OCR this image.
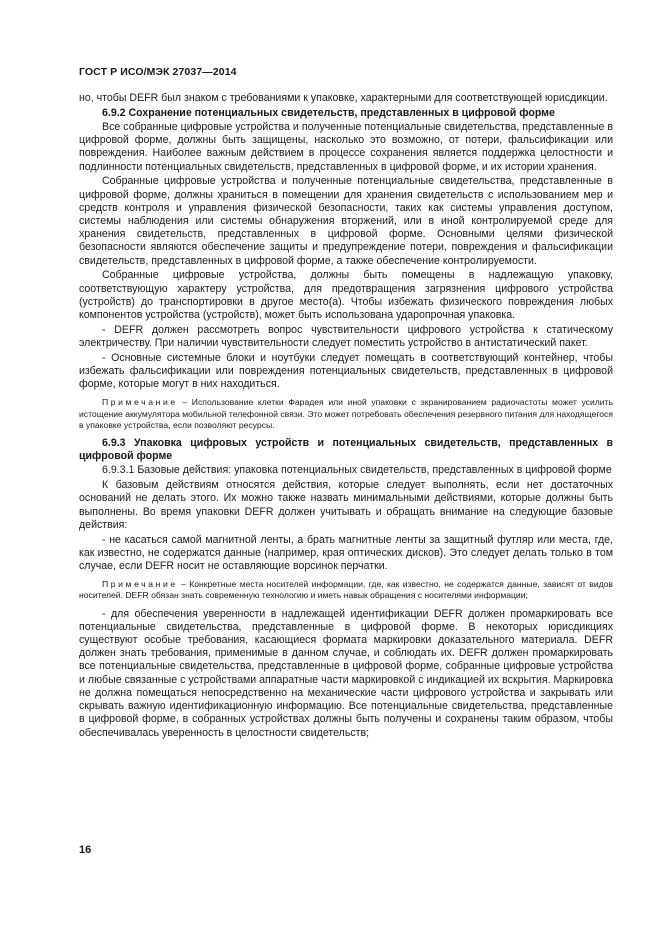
ГОСТ Р ИСО/МЭК 27037—2014

но, чтобы DEFR был знаком с требованиями к упаковке, характерными для соответствующей юрисдикции.

6.9.2 Сохранение потенциальных свидетельств, представленных в цифровой форме

Все собранные цифровые устройства и полученные потенциальные свидетельства, представленные в цифровой форме, должны быть защищены, насколько это возможно, от потери, фальсификации или повреждения. Наиболее важным действием в процессе сохранения является поддержка целостности и подлинности потенциальных свидетельств, представленных в цифровой форме, и их истории хранения.

Собранные цифровые устройства и полученные потенциальные свидетельства, представленные в цифровой форме, должны храниться в помещении для хранения свидетельств с использованием мер и средств контроля и управления физической безопасности, таких как системы управления доступом, системы наблюдения или системы обнаружения вторжений, или в иной контролируемой среде для хранения свидетельств, представленных в цифровой форме. Основными целями физической безопасности являются обеспечение защиты и предупреждение потери, повреждения и фальсификации свидетельств, представленных в цифровой форме, а также обеспечение контролируемости.

Собранные цифровые устройства, должны быть помещены в надлежащую упаковку, соответствующую характеру устройства, для предотвращения загрязнения цифрового устройства (устройств) до транспортировки в другое место(а). Чтобы избежать физического повреждения любых компонентов устройства (устройств), может быть использована ударопрочная упаковка.

- DEFR должен рассмотреть вопрос чувствительности цифрового устройства к статическому электричеству. При наличии чувствительности следует поместить устройство в антистатический пакет.

- Основные системные блоки и ноутбуки следует помещать в соответствующий контейнер, чтобы избежать фальсификации или повреждения потенциальных свидетельств, представленных в цифровой форме, которые могут в них находиться.

Примечание – Использование клетки Фарадея или иной упаковки с экранированием радиочастоты может усилить истощение аккумулятора мобильной телефонной связи. Это может потребовать обеспечения резервного питания для находящегося в упаковке устройства, если позволяют ресурсы.

6.9.3 Упаковка цифровых устройств и потенциальных свидетельств, представленных в цифровой форме

6.9.3.1 Базовые действия: упаковка потенциальных свидетельств, представленных в цифровой форме

К базовым действиям относятся действия, которые следует выполнять, если нет достаточных оснований не делать этого. Их можно также назвать минимальными действиями, которые должны быть выполнены. Во время упаковки DEFR должен учитывать и обращать внимание на следующие базовые действия:

- не касаться самой магнитной ленты, а брать магнитные ленты за защитный футляр или места, где, как известно, не содержатся данные (например, края оптических дисков). Это следует делать только в том случае, если DEFR носит не оставляющие ворсинок перчатки.

Примечание – Конкретные места носителей информации, где, как известно, не содержатся данные, зависят от видов носителей. DEFR обязан знать современную технологию и иметь навык обращения с носителями информации;

- для обеспечения уверенности в надлежащей идентификации DEFR должен промаркировать все потенциальные свидетельства, представленные в цифровой форме. В некоторых юрисдикциях существуют особые требования, касающиеся формата маркировки доказательного материала. DEFR должен знать требования, применимые в данном случае, и соблюдать их. DEFR должен промаркировать все потенциальные свидетельства, представленные в цифровой форме, собранные цифровые устройства и любые связанные с устройствами аппаратные части маркировкой с индикацией их вскрытия. Маркировка не должна помещаться непосредственно на механические части цифрового устройства и закрывать или скрывать важную идентификационную информацию. Все потенциальные свидетельства, представленные в цифровой форме, в собранных устройствах должны быть получены и сохранены таким образом, чтобы обеспечивалась уверенность в целостности свидетельств;

16
